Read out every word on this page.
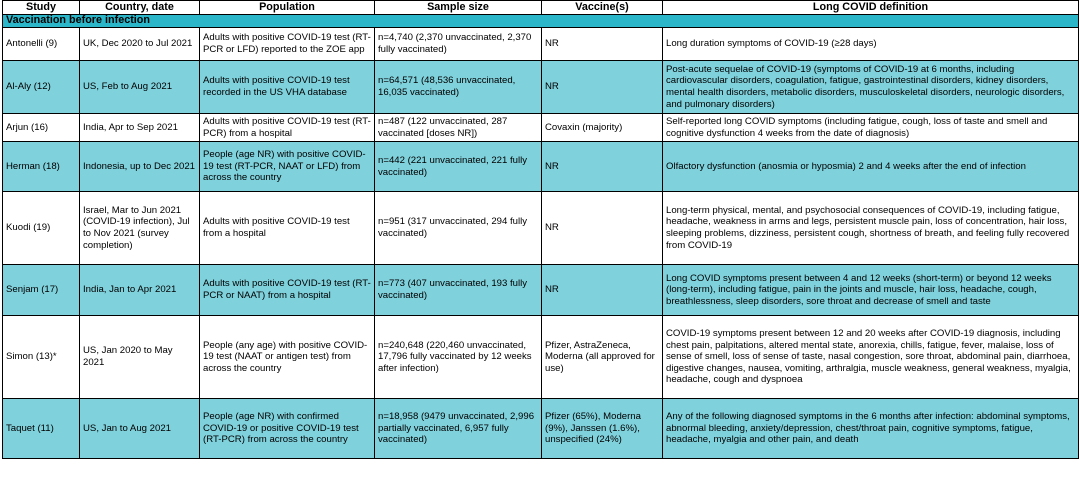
Study	Country, date	Population	Sample size	Vaccine(s)	Long COVID definition
Vaccination before infection					
Antonelli (9)	UK, Dec 2020 to Jul 2021	Adults with positive COVID-19 test (RT-PCR or LFD) reported to the ZOE app	n=4,740 (2,370 unvaccinated, 2,370 fully vaccinated)	NR	Long duration symptoms of COVID-19 (≥28 days)
Al-Aly (12)	US, Feb to Aug 2021	Adults with positive COVID-19 test recorded in the US VHA database	n=64,571 (48,536 unvaccinated, 16,035 vaccinated)	NR	Post-acute sequelae of COVID-19 (symptoms of COVID-19 at 6 months, including cardiovascular disorders, coagulation, fatigue, gastrointestinal disorders, kidney disorders, mental health disorders, metabolic disorders, musculoskeletal disorders, neurologic disorders, and pulmonary disorders)
Arjun (16)	India, Apr to Sep 2021	Adults with positive COVID-19 test (RT-PCR) from a hospital	n=487 (122 unvaccinated, 287 vaccinated [doses NR])	Covaxin (majority)	Self-reported long COVID symptoms (including fatigue, cough, loss of taste and smell and cognitive dysfunction 4 weeks from the date of diagnosis)
Herman (18)	Indonesia, up to Dec 2021	People (age NR) with positive COVID-19 test (RT-PCR, NAAT or LFD) from across the country	n=442 (221 unvaccinated, 221 fully vaccinated)	NR	Olfactory dysfunction (anosmia or hyposmia) 2 and 4 weeks after the end of infection
Kuodi (19)	Israel, Mar to Jun 2021 (COVID-19 infection), Jul to Nov 2021 (survey completion)	Adults with positive COVID-19 test from a hospital	n=951 (317 unvaccinated, 294 fully vaccinated)	NR	Long-term physical, mental, and psychosocial consequences of COVID-19, including fatigue, headache, weakness in arms and legs, persistent muscle pain, loss of concentration, hair loss, sleeping problems, dizziness, persistent cough, shortness of breath, and feeling fully recovered from COVID-19
Senjam (17)	India, Jan to Apr 2021	Adults with positive COVID-19 test (RT-PCR or NAAT) from a hospital	n=773 (407 unvaccinated, 193 fully vaccinated)	NR	Long COVID symptoms present between 4 and 12 weeks (short-term) or beyond 12 weeks (long-term), including fatigue, pain in the joints and muscle, hair loss, headache, cough, breathlessness, sleep disorders, sore throat and decrease of smell and taste
Simon (13)*	US, Jan 2020 to May 2021	People (any age) with positive COVID-19 test (NAAT or antigen test) from across the country	n=240,648 (220,460 unvaccinated, 17,796 fully vaccinated by 12 weeks after infection)	Pfizer, AstraZeneca, Moderna (all approved for use)	COVID-19 symptoms present between 12 and 20 weeks after COVID-19 diagnosis, including chest pain, palpitations, altered mental state, anorexia, chills, fatigue, fever, malaise, loss of sense of smell, loss of sense of taste, nasal congestion, sore throat, abdominal pain, diarrhoea, digestive changes, nausea, vomiting, arthralgia, muscle weakness, general weakness, myalgia, headache, cough and dyspnoea
Taquet (11)	US, Jan to Aug 2021	People (age NR) with confirmed COVID-19 or positive COVID-19 test (RT-PCR) from across the country	n=18,958 (9479 unvaccinated, 2,996 partially vaccinated, 6,957 fully vaccinated)	Pfizer (65%), Moderna (9%), Janssen (1.6%), unspecified (24%)	Any of the following diagnosed symptoms in the 6 months after infection: abdominal symptoms, abnormal bleeding, anxiety/depression, chest/throat pain, cognitive symptoms, fatigue, headache, myalgia and other pain, and death
